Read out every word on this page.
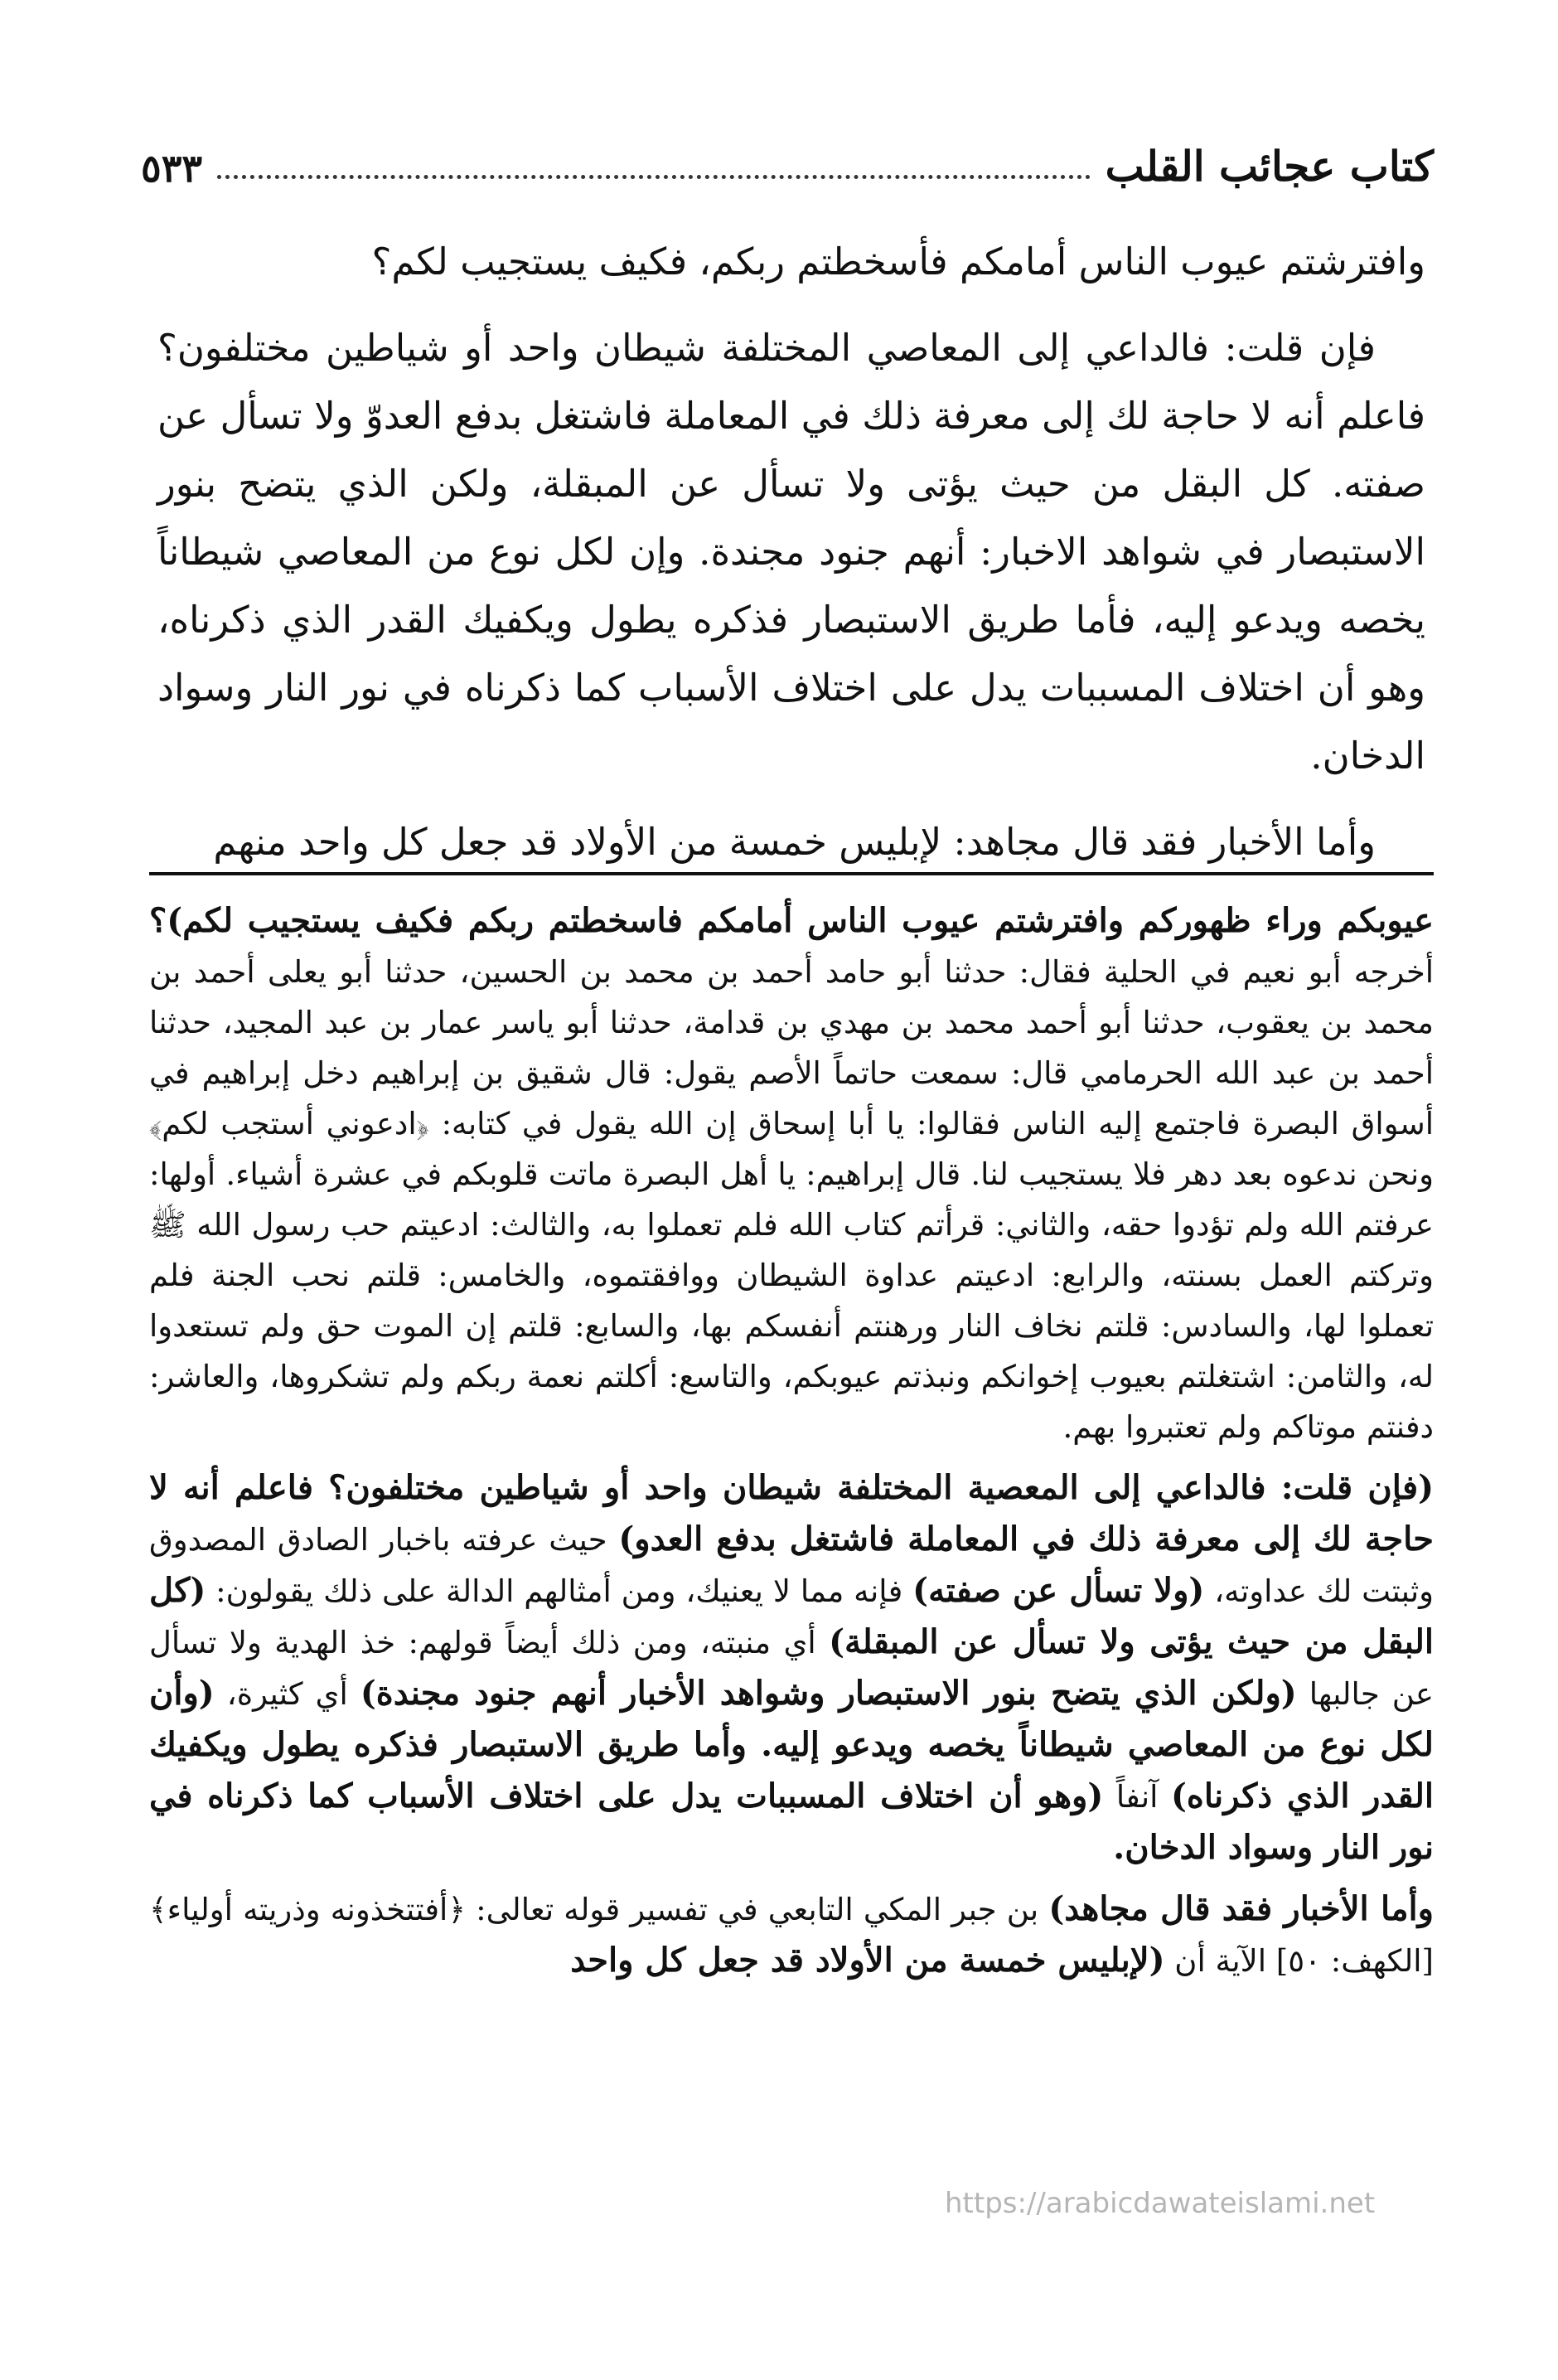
كتاب عجائب القلب
٥٣٣

وافترشتم عيوب الناس أمامكم فأسخطتم ربكم، فكيف يستجيب لكم؟

فإن قلت: فالداعي إلى المعاصي المختلفة شيطان واحد أو شياطين مختلفون؟ فاعلم أنه لا حاجة لك إلى معرفة ذلك في المعاملة فاشتغل بدفع العدوّ ولا تسأل عن صفته. كل البقل من حيث يؤتى ولا تسأل عن المبقلة، ولكن الذي يتضح بنور الاستبصار في شواهد الاخبار: أنهم جنود مجندة. وإن لكل نوع من المعاصي شيطاناً يخصه ويدعو إليه، فأما طريق الاستبصار فذكره يطول ويكفيك القدر الذي ذكرناه، وهو أن اختلاف المسببات يدل على اختلاف الأسباب كما ذكرناه في نور النار وسواد الدخان.

وأما الأخبار فقد قال مجاهد: لإبليس خمسة من الأولاد قد جعل كل واحد منهم

عيوبكم وراء ظهوركم وافترشتم عيوب الناس أمامكم فاسخطتم ربكم فكيف يستجيب لكم)؟ أخرجه أبو نعيم في الحلية فقال: حدثنا أبو حامد أحمد بن محمد بن الحسين، حدثنا أبو يعلى أحمد بن محمد بن يعقوب، حدثنا أبو أحمد محمد بن مهدي بن قدامة، حدثنا أبو ياسر عمار بن عبد المجيد، حدثنا أحمد بن عبد الله الحرمامي قال: سمعت حاتماً الأصم يقول: قال شقيق بن إبراهيم دخل إبراهيم في أسواق البصرة فاجتمع إليه الناس فقالوا: يا أبا إسحاق إن الله يقول في كتابه: ﴿ادعوني أستجب لكم﴾ ونحن ندعوه بعد دهر فلا يستجيب لنا. قال إبراهيم: يا أهل البصرة ماتت قلوبكم في عشرة أشياء. أولها: عرفتم الله ولم تؤدوا حقه، والثاني: قرأتم كتاب الله فلم تعملوا به، والثالث: ادعيتم حب رسول الله ﷺ وتركتم العمل بسنته، والرابع: ادعيتم عداوة الشيطان ووافقتموه، والخامس: قلتم نحب الجنة فلم تعملوا لها، والسادس: قلتم نخاف النار ورهنتم أنفسكم بها، والسابع: قلتم إن الموت حق ولم تستعدوا له، والثامن: اشتغلتم بعيوب إخوانكم ونبذتم عيوبكم، والتاسع: أكلتم نعمة ربكم ولم تشكروها، والعاشر: دفنتم موتاكم ولم تعتبروا بهم.

(فإن قلت: فالداعي إلى المعصية المختلفة شيطان واحد أو شياطين مختلفون؟ فاعلم أنه لا حاجة لك إلى معرفة ذلك في المعاملة فاشتغل بدفع العدو) حيث عرفته باخبار الصادق المصدوق وثبتت لك عداوته، (ولا تسأل عن صفته) فإنه مما لا يعنيك، ومن أمثالهم الدالة على ذلك يقولون: (كل البقل من حيث يؤتى ولا تسأل عن المبقلة) أي منبته، ومن ذلك أيضاً قولهم: خذ الهدية ولا تسأل عن جالبها (ولكن الذي يتضح بنور الاستبصار وشواهد الأخبار أنهم جنود مجندة) أي كثيرة، (وأن لكل نوع من المعاصي شيطاناً يخصه ويدعو إليه. وأما طريق الاستبصار فذكره يطول ويكفيك القدر الذي ذكرناه) آنفاً (وهو أن اختلاف المسببات يدل على اختلاف الأسباب كما ذكرناه في نور النار وسواد الدخان.

وأما الأخبار فقد قال مجاهد) بن جبر المكي التابعي في تفسير قوله تعالى: ﴿أفتتخذونه وذريته أولياء﴾ [الكهف: ٥٠] الآية أن (لإبليس خمسة من الأولاد قد جعل كل واحد

https://arabicdawateislami.net
